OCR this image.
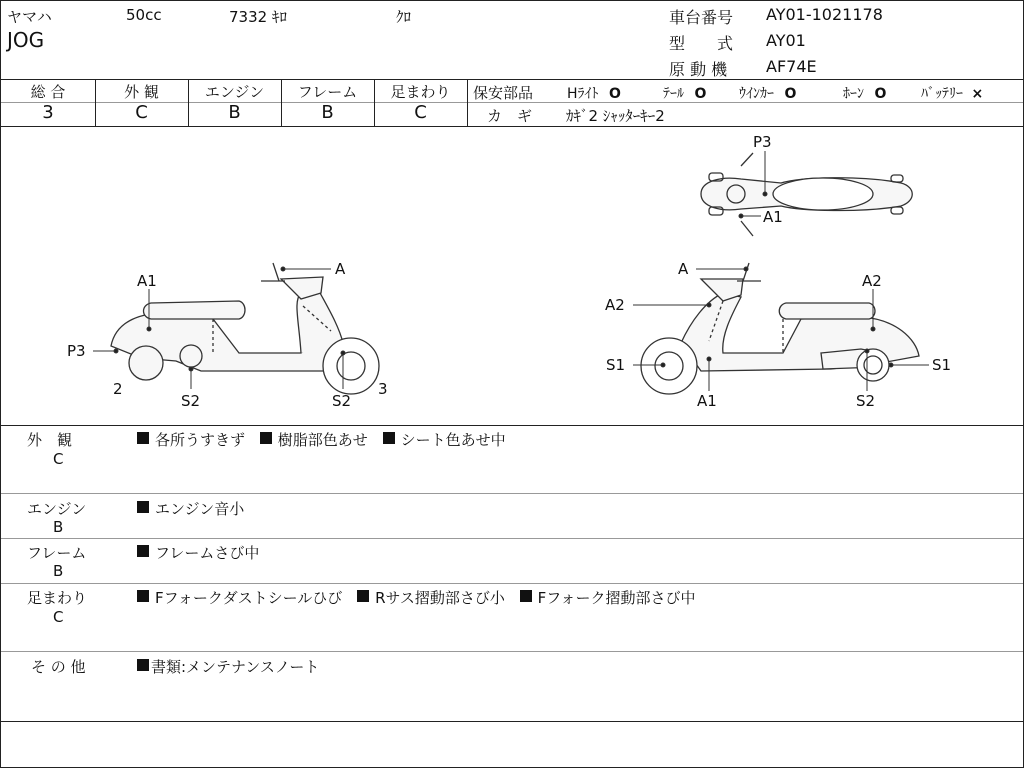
ヤマハ	50cc	7332 ｷﾛ	ｸﾛ
JOG
車台番号 AY01-1021178
型　　式 AY01
原 動 機 AF74E
総 合	外 観	エンジン	フレーム	足まわり
3	C	B	B	C
保安部品 Hﾗｲﾄ O	ﾃｰﾙ O ｳｲﾝｶｰ O	ﾎｰﾝ O ﾊﾞｯﾃﾘｰ ×
カ　ギ ｶｷﾞ2 ｼｬｯﾀｰｷｰ2
A1
A
P3
2
S2	S2
3
A
A2
A2
S1	S1
A1	S2
P3
A1
外　観
C
各所うすきず 樹脂部色あせ シート色あせ中
エンジン
B
エンジン音小
フレーム
B
フレームさび中
足まわり
C
Fフォークダストシールひび Rサス摺動部さび小 Fフォーク摺動部さび中
そ の 他	書類:メンテナンスノート
